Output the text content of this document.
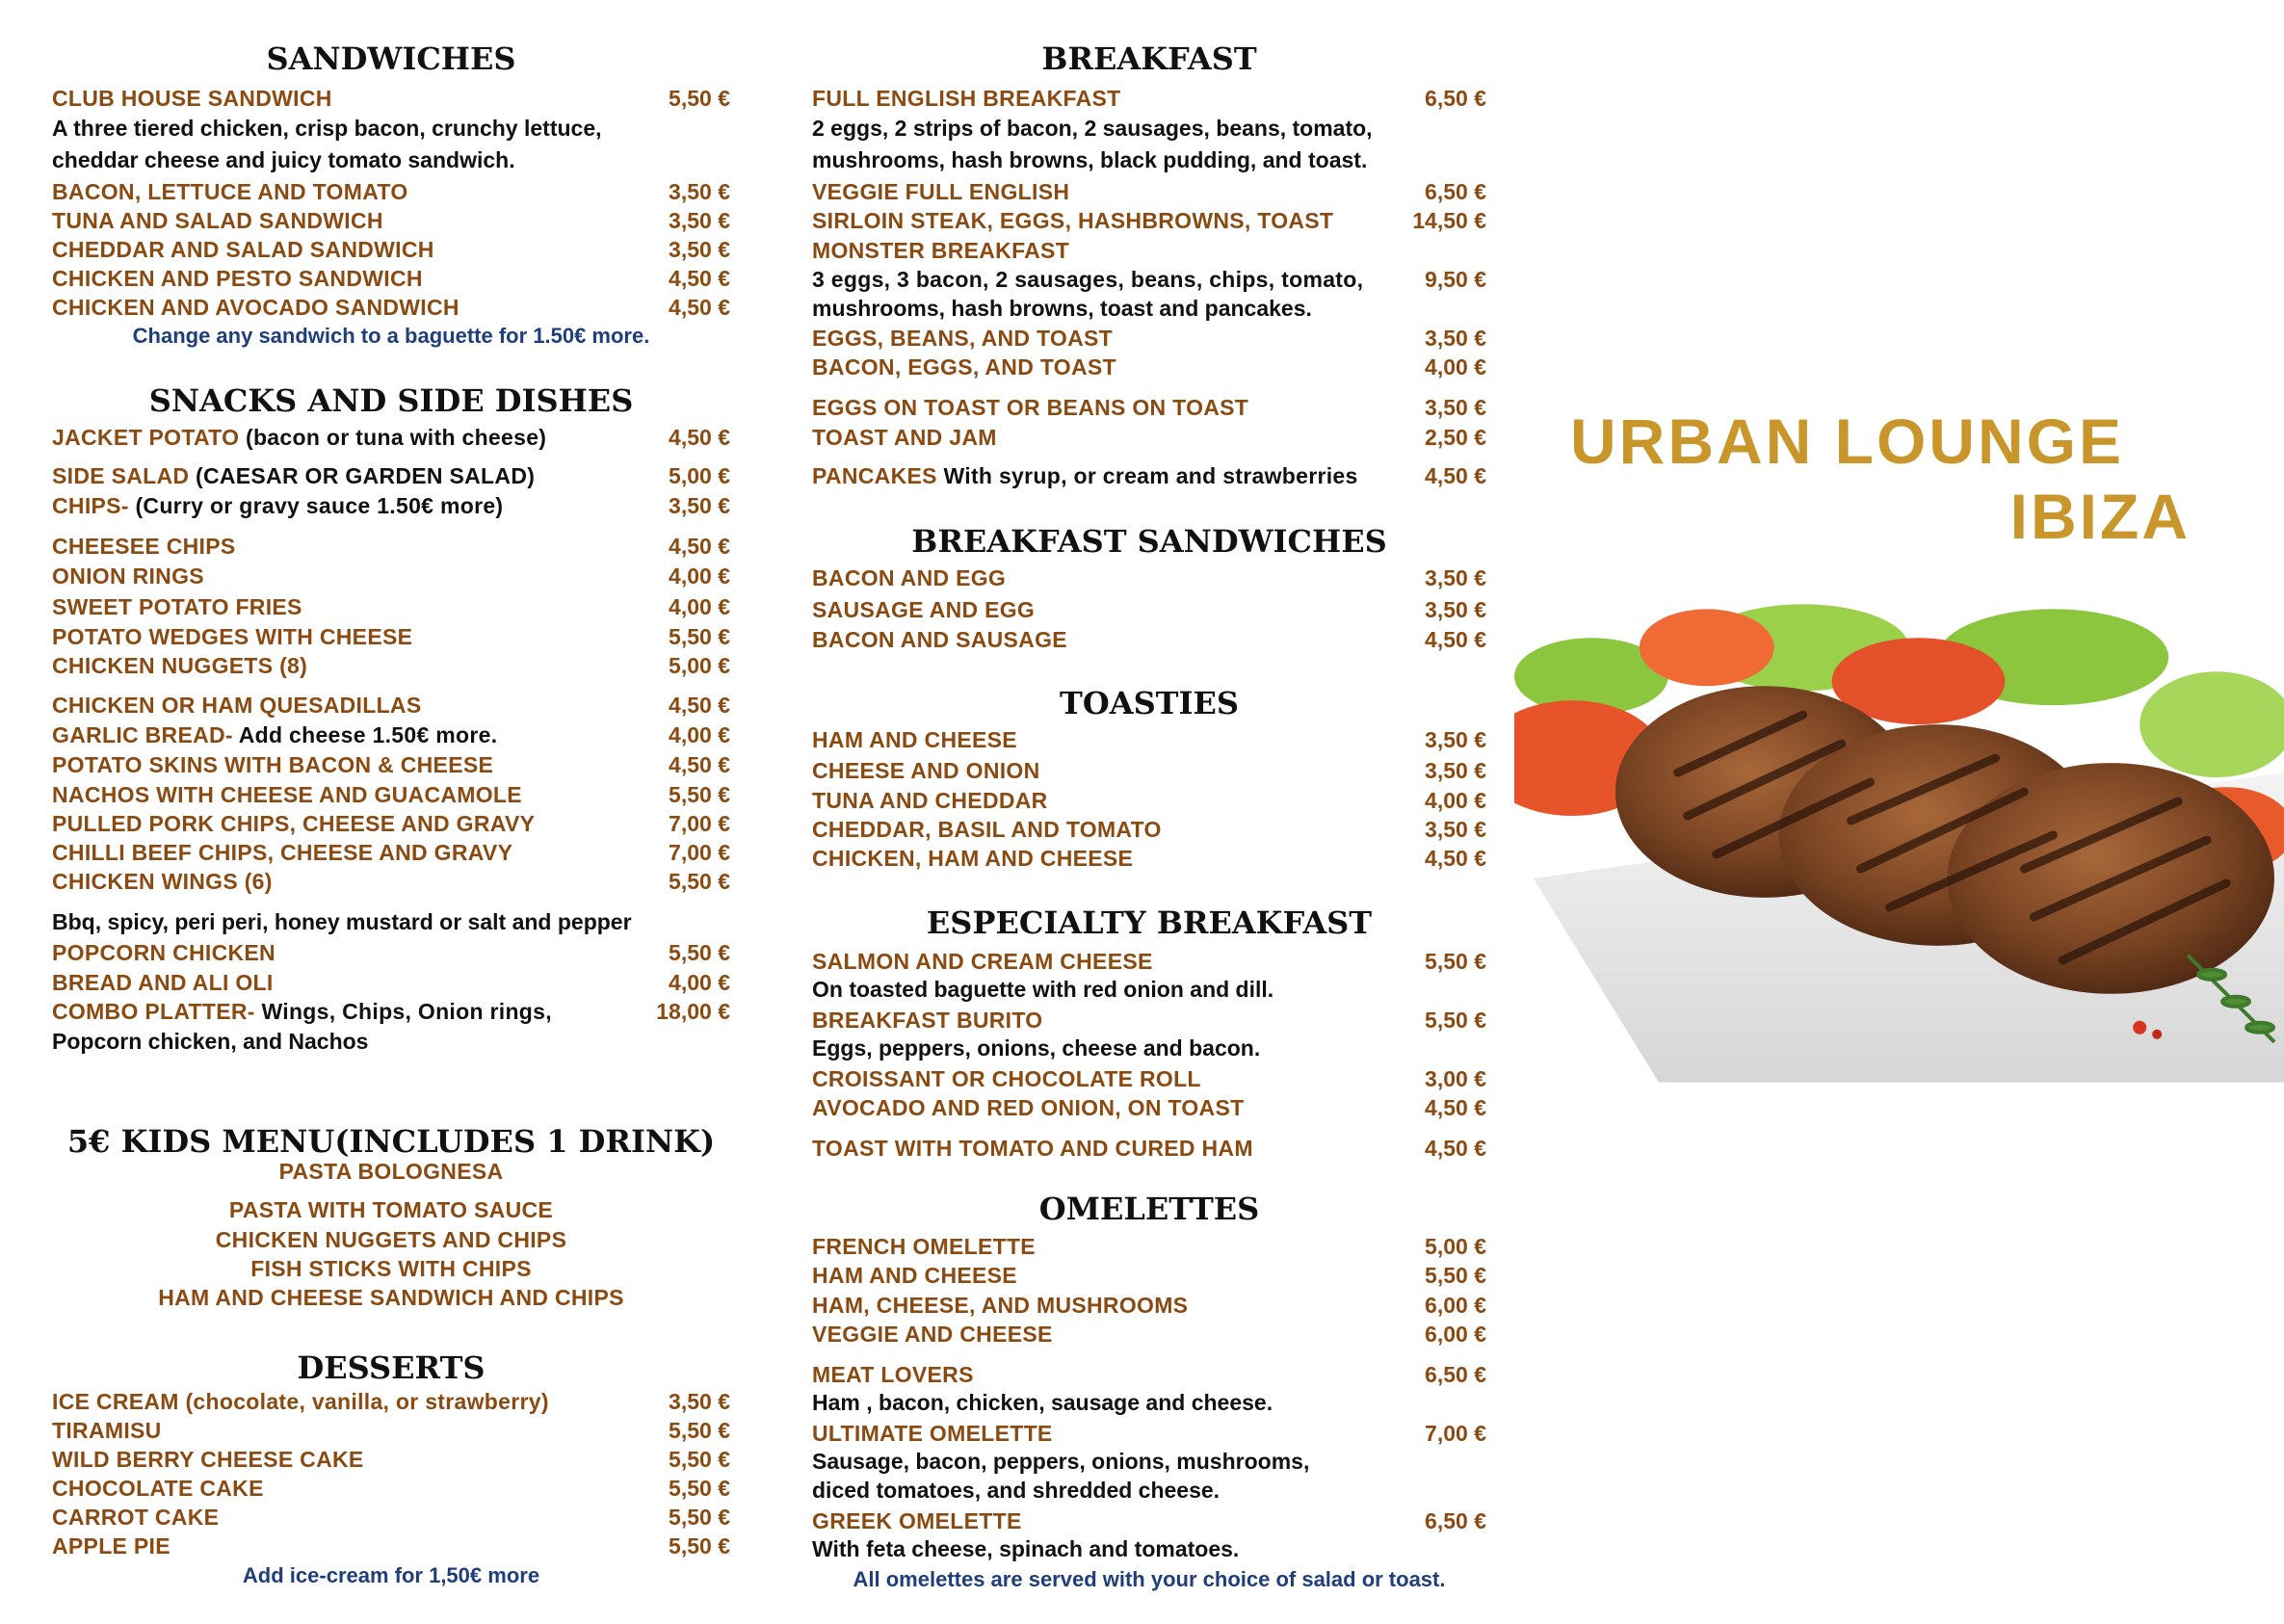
SANDWICHES
CLUB HOUSE SANDWICH	5,50 €
A three tiered chicken, crisp bacon, crunchy lettuce,
cheddar cheese and juicy tomato sandwich.
BACON, LETTUCE AND TOMATO	3,50 €
TUNA AND SALAD SANDWICH	3,50 €
CHEDDAR AND SALAD SANDWICH	3,50 €
CHICKEN AND PESTO SANDWICH	4,50 €
CHICKEN AND AVOCADO SANDWICH	4,50 €
Change any sandwich to a baguette for 1.50€ more.
SNACKS AND SIDE DISHES
JACKET POTATO (bacon or tuna with cheese)	4,50 €
SIDE SALAD (CAESAR OR GARDEN SALAD)	5,00 €
CHIPS- (Curry or gravy sauce 1.50€ more)	3,50 €
CHEESEE CHIPS	4,50 €
ONION RINGS	4,00 €
SWEET POTATO FRIES	4,00 €
POTATO WEDGES WITH CHEESE	5,50 €
CHICKEN NUGGETS (8)	5,00 €
CHICKEN OR HAM QUESADILLAS	4,50 €
GARLIC BREAD- Add cheese 1.50€ more.	4,00 €
POTATO SKINS WITH BACON & CHEESE	4,50 €
NACHOS WITH CHEESE AND GUACAMOLE	5,50 €
PULLED PORK CHIPS, CHEESE AND GRAVY	7,00 €
CHILLI BEEF CHIPS, CHEESE AND GRAVY	7,00 €
CHICKEN WINGS (6)	5,50 €
Bbq, spicy, peri peri, honey mustard or salt and pepper
POPCORN CHICKEN	5,50 €
BREAD AND ALI OLI	4,00 €
COMBO PLATTER- Wings, Chips, Onion rings,	18,00 €
Popcorn chicken, and Nachos
5€ KIDS MENU(INCLUDES 1 DRINK)
PASTA BOLOGNESA
PASTA WITH TOMATO SAUCE
CHICKEN NUGGETS AND CHIPS
FISH STICKS WITH CHIPS
HAM AND CHEESE SANDWICH AND CHIPS
DESSERTS
ICE CREAM (chocolate, vanilla, or strawberry)	3,50 €
TIRAMISU	5,50 €
WILD BERRY CHEESE CAKE	5,50 €
CHOCOLATE CAKE	5,50 €
CARROT CAKE	5,50 €
APPLE PIE	5,50 €
Add ice-cream for 1,50€ more
BREAKFAST
FULL ENGLISH BREAKFAST	6,50 €
2 eggs, 2 strips of bacon, 2 sausages, beans, tomato,
mushrooms, hash browns, black pudding, and toast.
VEGGIE FULL ENGLISH	6,50 €
SIRLOIN STEAK, EGGS, HASHBROWNS, TOAST	14,50 €
MONSTER BREAKFAST
3 eggs, 3 bacon, 2 sausages, beans, chips, tomato,	9,50 €
mushrooms, hash browns, toast and pancakes.
EGGS, BEANS, AND TOAST	3,50 €
BACON, EGGS, AND TOAST	4,00 €
EGGS ON TOAST OR BEANS ON TOAST	3,50 €
TOAST AND JAM	2,50 €
PANCAKES With syrup, or cream and strawberries	4,50 €
BREAKFAST SANDWICHES
BACON AND EGG	3,50 €
SAUSAGE AND EGG	3,50 €
BACON AND SAUSAGE	4,50 €
TOASTIES
HAM AND CHEESE	3,50 €
CHEESE AND ONION	3,50 €
TUNA AND CHEDDAR	4,00 €
CHEDDAR, BASIL AND TOMATO	3,50 €
CHICKEN, HAM AND CHEESE	4,50 €
ESPECIALTY BREAKFAST
SALMON AND CREAM CHEESE	5,50 €
On toasted baguette with red onion and dill.
BREAKFAST BURITO	5,50 €
Eggs, peppers, onions, cheese and bacon.
CROISSANT OR CHOCOLATE ROLL	3,00 €
AVOCADO AND RED ONION, ON TOAST	4,50 €
TOAST WITH TOMATO AND CURED HAM	4,50 €
OMELETTES
FRENCH OMELETTE	5,00 €
HAM AND CHEESE	5,50 €
HAM, CHEESE, AND MUSHROOMS	6,00 €
VEGGIE AND CHEESE	6,00 €
MEAT LOVERS	6,50 €
Ham , bacon, chicken, sausage and cheese.
ULTIMATE OMELETTE	7,00 €
Sausage, bacon, peppers, onions, mushrooms,
diced tomatoes, and shredded cheese.
GREEK OMELETTE	6,50 €
With feta cheese, spinach and tomatoes.
All omelettes are served with your choice of salad or toast.
URBAN LOUNGE
IBIZA
